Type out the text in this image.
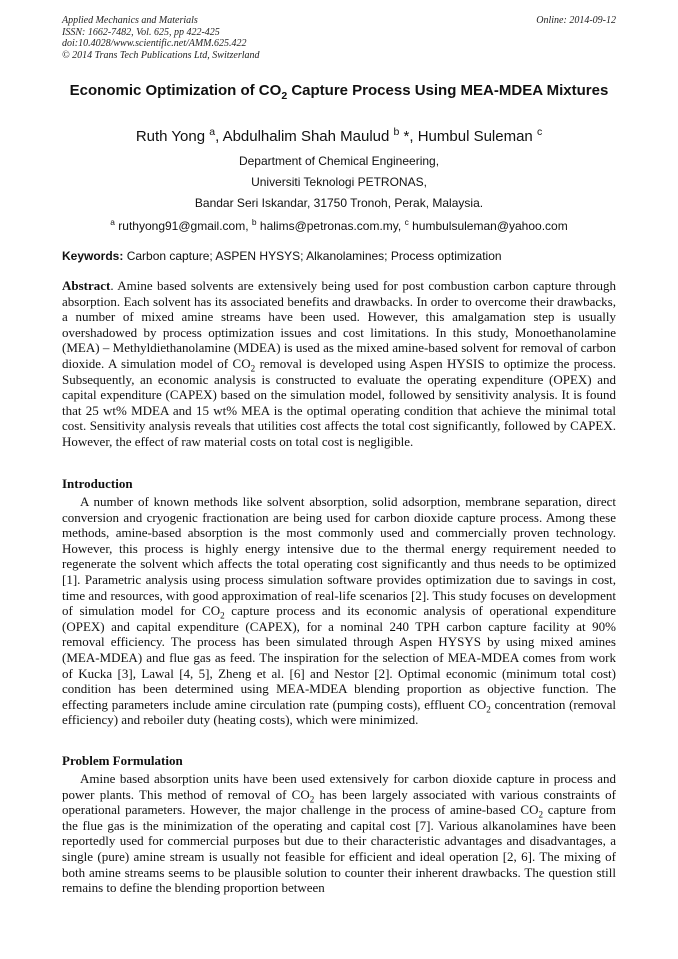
Applied Mechanics and Materials
ISSN: 1662-7482, Vol. 625, pp 422-425
doi:10.4028/www.scientific.net/AMM.625.422
© 2014 Trans Tech Publications Ltd, Switzerland
Online: 2014-09-12
Economic Optimization of $CO_2$ Capture Process Using MEA-MDEA Mixtures
Ruth Yong $^a$, Abdulhalim Shah Maulud $^b$ *, Humbul Suleman $^c$
Department of Chemical Engineering,
Universiti Teknologi PETRONAS,
Bandar Seri Iskandar, 31750 Tronoh, Perak, Malaysia.
$^a$ ruthyong91@gmail.com, $^b$ halims@petronas.com.my, $^c$ humbulsuleman@yahoo.com
Keywords: Carbon capture; ASPEN HYSYS; Alkanolamines; Process optimization
Abstract. Amine based solvents are extensively being used for post combustion carbon capture through absorption. Each solvent has its associated benefits and drawbacks. In order to overcome their drawbacks, a number of mixed amine streams have been used. However, this amalgamation step is usually overshadowed by process optimization issues and cost limitations. In this study, Monoethanolamine (MEA) – Methyldiethanolamine (MDEA) is used as the mixed amine-based solvent for removal of carbon dioxide. A simulation model of $CO_2$ removal is developed using Aspen HYSIS to optimize the process. Subsequently, an economic analysis is constructed to evaluate the operating expenditure (OPEX) and capital expenditure (CAPEX) based on the simulation model, followed by sensitivity analysis. It is found that 25 wt% MDEA and 15 wt% MEA is the optimal operating condition that achieve the minimal total cost. Sensitivity analysis reveals that utilities cost affects the total cost significantly, followed by CAPEX. However, the effect of raw material costs on total cost is negligible.
Introduction
A number of known methods like solvent absorption, solid adsorption, membrane separation, direct conversion and cryogenic fractionation are being used for carbon dioxide capture process. Among these methods, amine-based absorption is the most commonly used and commercially proven technology. However, this process is highly energy intensive due to the thermal energy requirement needed to regenerate the solvent which affects the total operating cost significantly and thus needs to be optimized [1]. Parametric analysis using process simulation software provides optimization due to savings in cost, time and resources, with good approximation of real-life scenarios [2]. This study focuses on development of simulation model for $CO_2$ capture process and its economic analysis of operational expenditure (OPEX) and capital expenditure (CAPEX), for a nominal 240 TPH carbon capture facility at 90% removal efficiency. The process has been simulated through Aspen HYSYS by using mixed amines (MEA-MDEA) and flue gas as feed. The inspiration for the selection of MEA-MDEA comes from work of Kucka [3], Lawal [4, 5], Zheng et al. [6] and Nestor [2]. Optimal economic (minimum total cost) condition has been determined using MEA-MDEA blending proportion as objective function. The effecting parameters include amine circulation rate (pumping costs), effluent $CO_2$ concentration (removal efficiency) and reboiler duty (heating costs), which were minimized.
Problem Formulation
Amine based absorption units have been used extensively for carbon dioxide capture in process and power plants. This method of removal of $CO_2$ has been largely associated with various constraints of operational parameters. However, the major challenge in the process of amine-based $CO_2$ capture from the flue gas is the minimization of the operating and capital cost [7]. Various alkanolamines have been reportedly used for commercial purposes but due to their characteristic advantages and disadvantages, a single (pure) amine stream is usually not feasible for efficient and ideal operation [2, 6]. The mixing of both amine streams seems to be plausible solution to counter their inherent drawbacks. The question still remains to define the blending proportion between
